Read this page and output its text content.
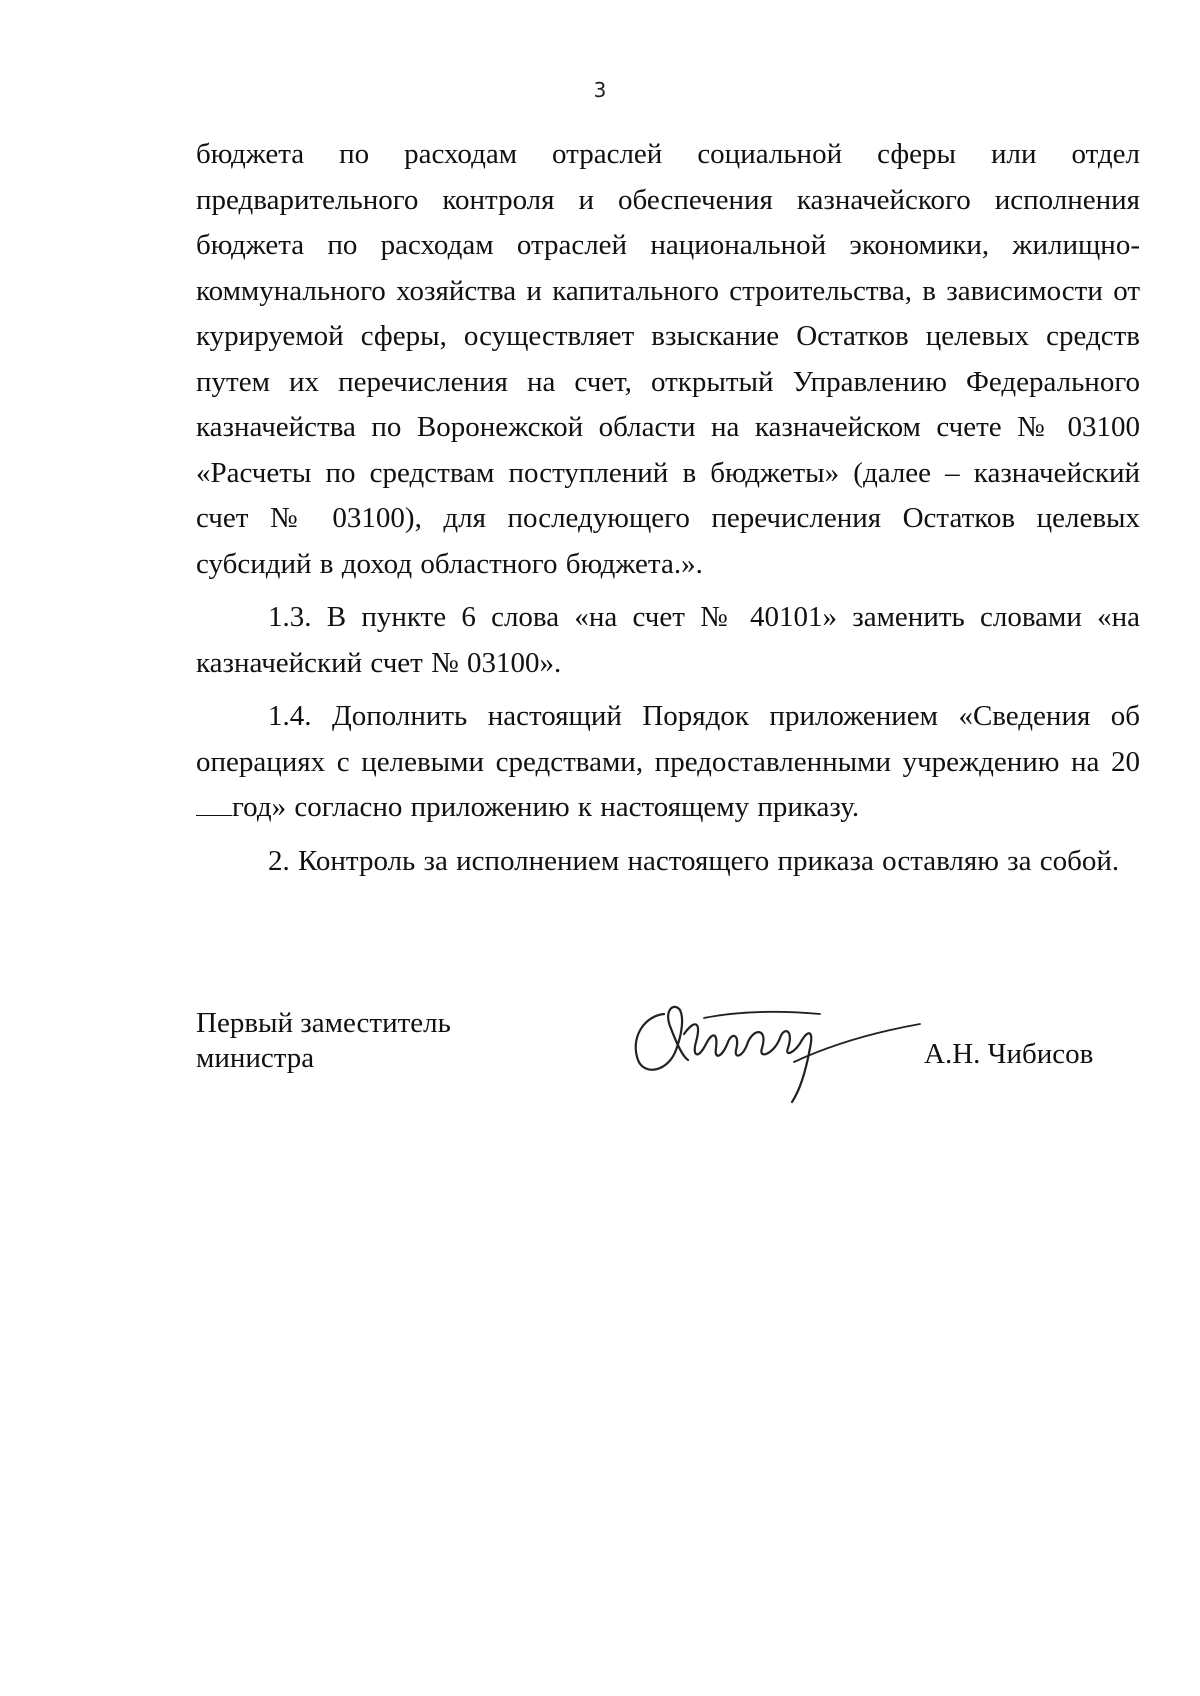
3

бюджета по расходам отраслей социальной сферы или отдел предварительного контроля и обеспечения казначейского исполнения бюджета по расходам отраслей национальной экономики, жилищно-коммунального хозяйства и капитального строительства, в зависимости от курируемой сферы, осуществляет взыскание Остатков целевых средств путем их перечисления на счет, открытый Управлению Федерального казначейства по Воронежской области на казначейском счете № 03100 «Расчеты по средствам поступлений в бюджеты» (далее – казначейский счет № 03100), для последующего перечисления Остатков целевых субсидий в доход областного бюджета.».

1.3. В пункте 6 слова «на счет № 40101» заменить словами «на казначейский счет № 03100».

1.4. Дополнить настоящий Порядок приложением «Сведения об операциях с целевыми средствами, предоставленными учреждению на 20год» согласно приложению к настоящему приказу.

2. Контроль за исполнением настоящего приказа оставляю за собой.

Первый заместитель
министра	А.Н. Чибисов
